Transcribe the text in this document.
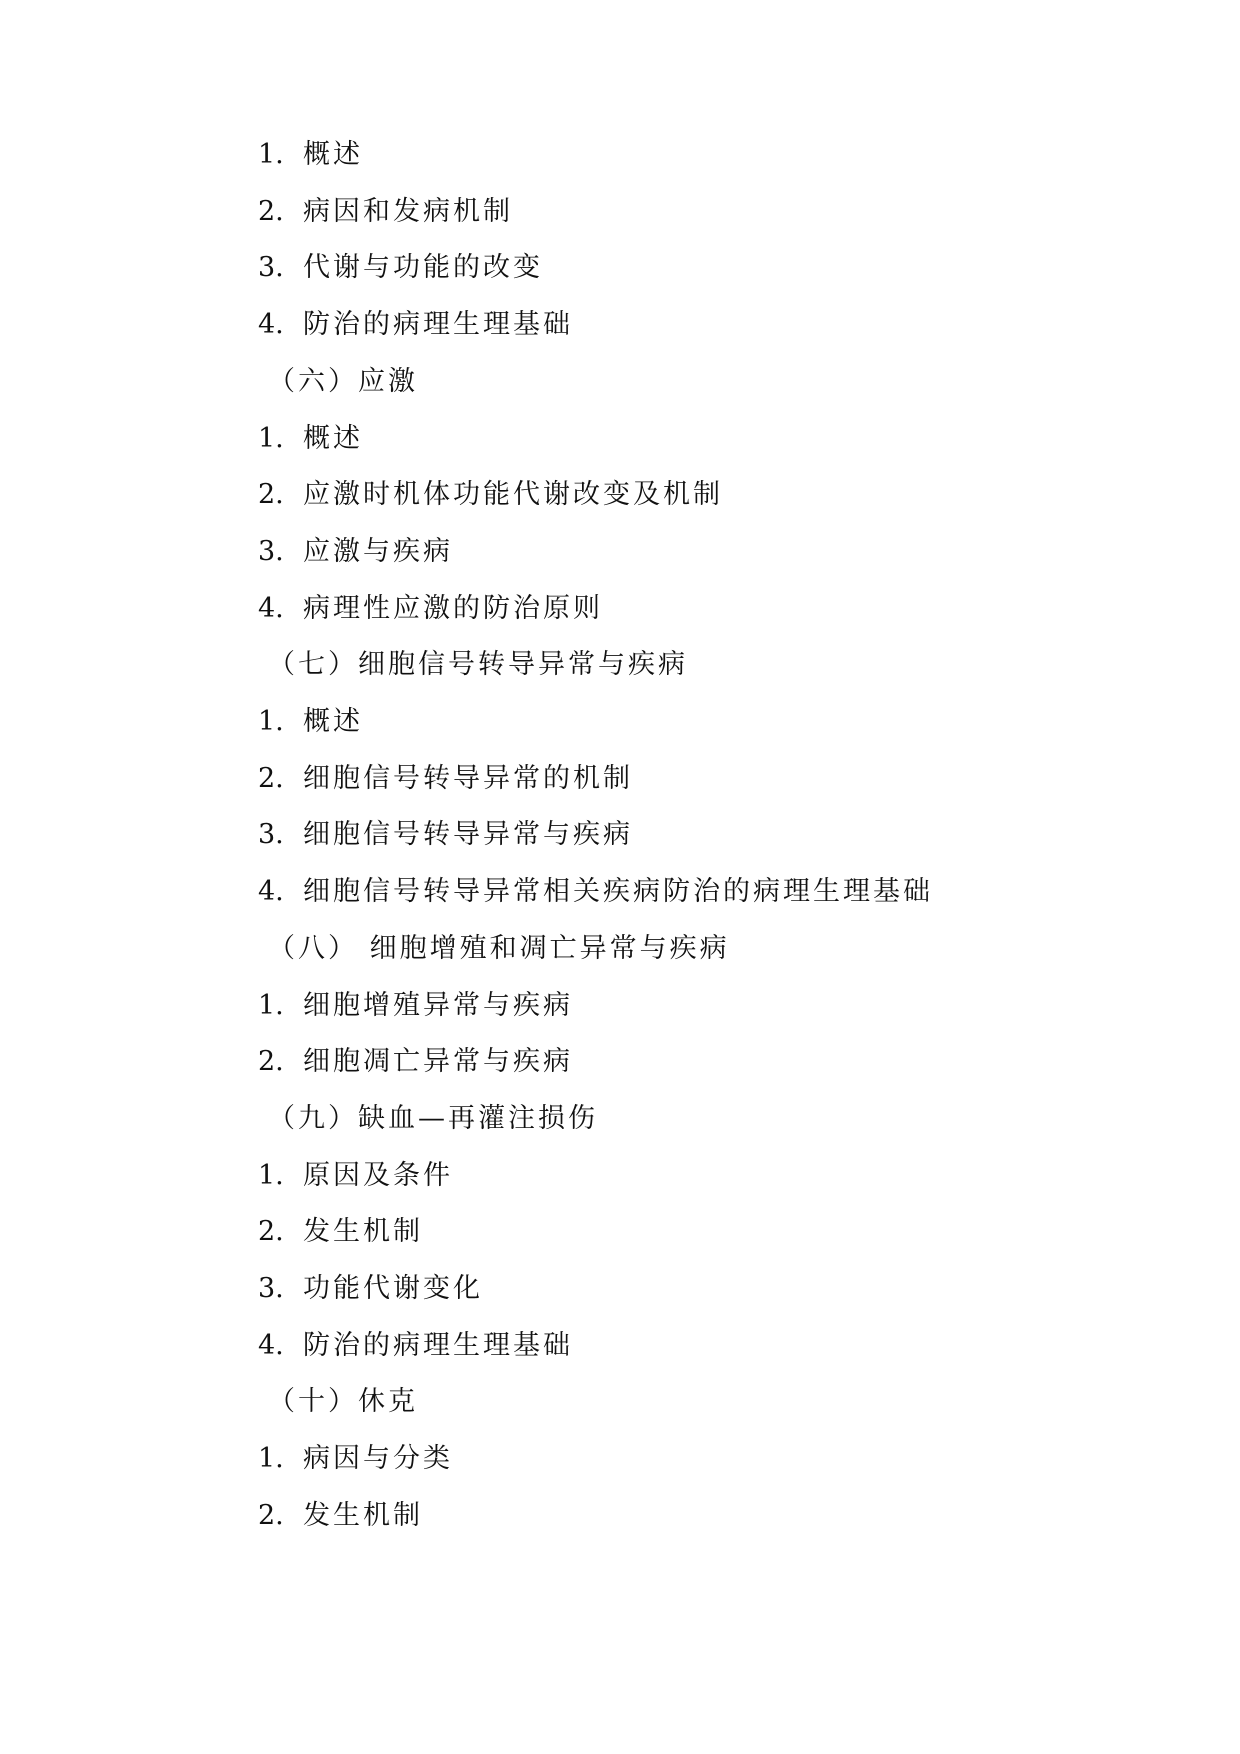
1. 概述
2. 病因和发病机制
3. 代谢与功能的改变
4. 防治的病理生理基础
（六）应激
1. 概述
2. 应激时机体功能代谢改变及机制
3. 应激与疾病
4. 病理性应激的防治原则
（七）细胞信号转导异常与疾病
1. 概述
2. 细胞信号转导异常的机制
3. 细胞信号转导异常与疾病
4. 细胞信号转导异常相关疾病防治的病理生理基础
（八） 细胞增殖和凋亡异常与疾病
1. 细胞增殖异常与疾病
2. 细胞凋亡异常与疾病
（九）缺血—再灌注损伤
1. 原因及条件
2. 发生机制
3. 功能代谢变化
4. 防治的病理生理基础
（十）休克
1. 病因与分类
2. 发生机制
